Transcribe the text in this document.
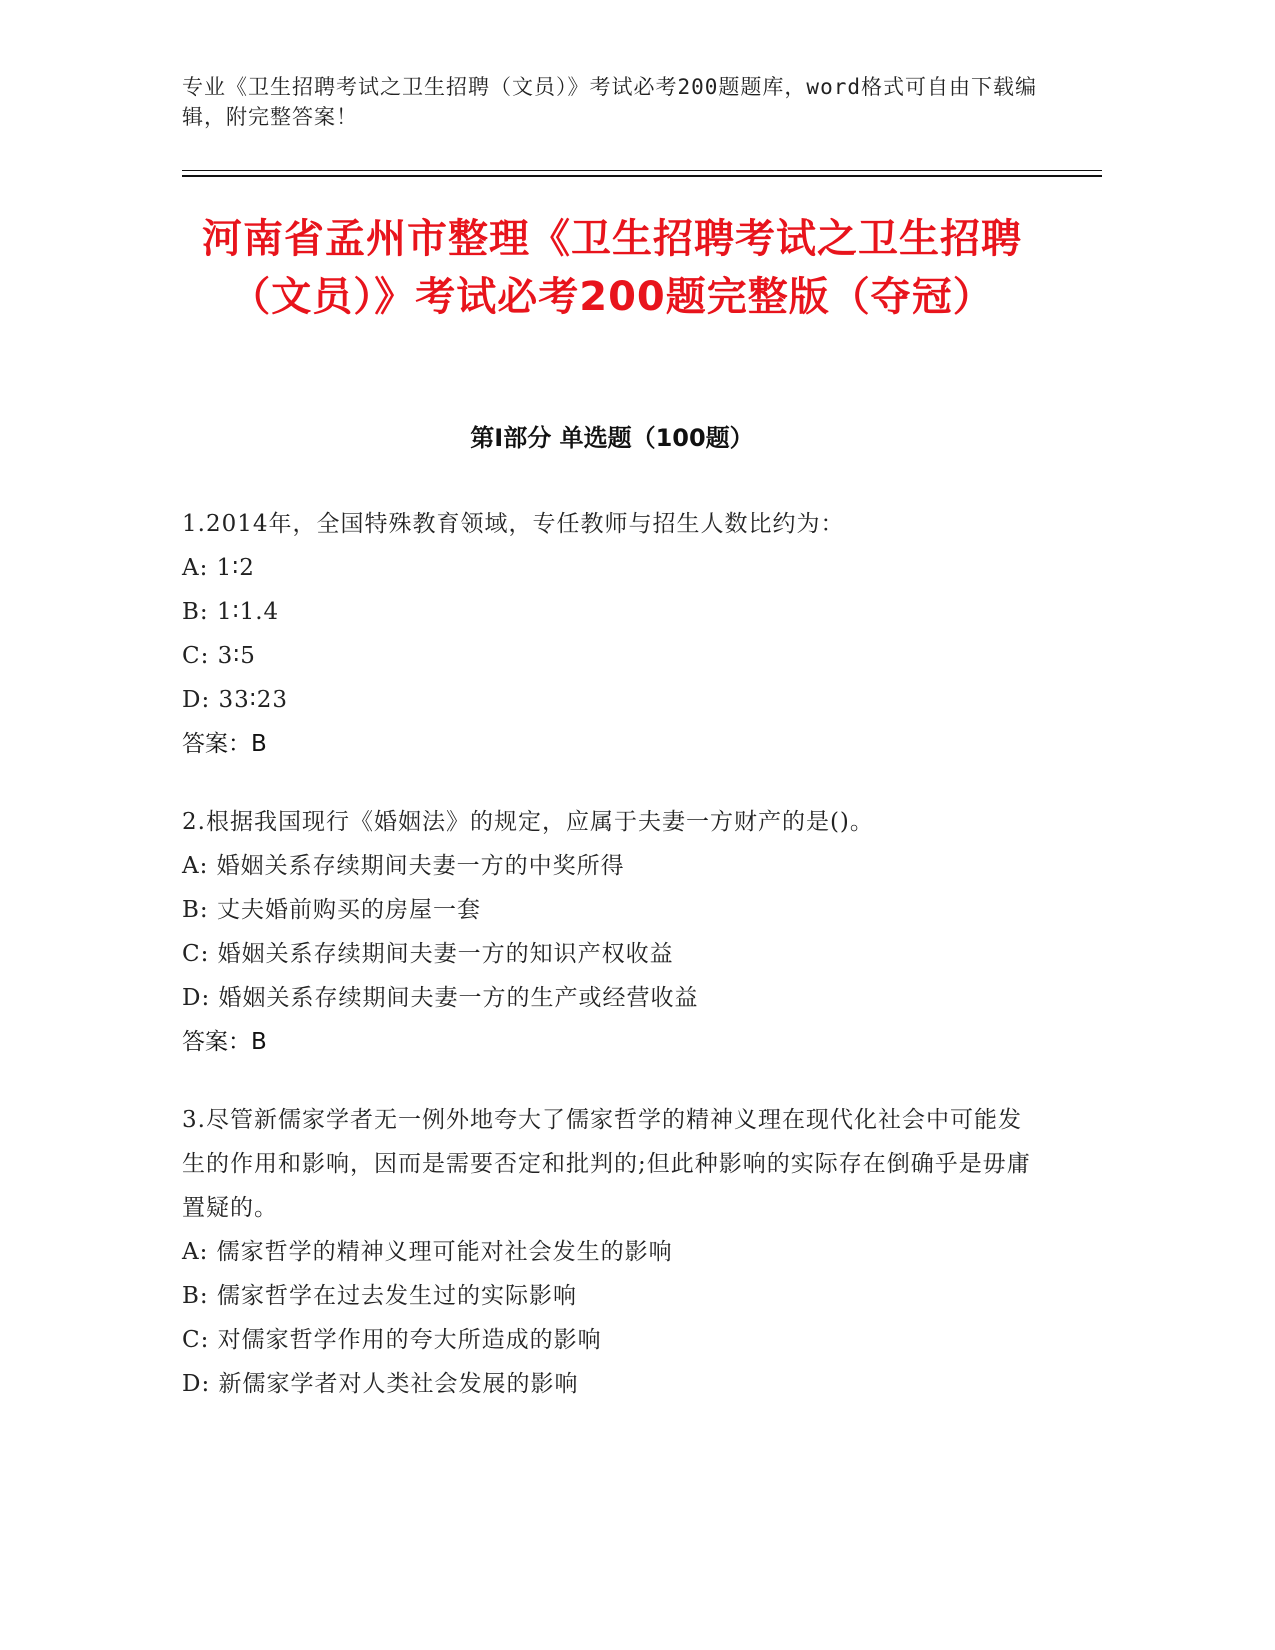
专业《卫生招聘考试之卫生招聘（文员）》考试必考200题题库，word格式可自由下载编辑，附完整答案！
河南省孟州市整理《卫生招聘考试之卫生招聘（文员）》考试必考200题完整版（夺冠）
第I部分 单选题（100题）
1.2014年，全国特殊教育领域，专任教师与招生人数比约为：
A: 1∶2
B: 1∶1.4
C: 3∶5
D: 33∶23
答案：B
2.根据我国现行《婚姻法》的规定，应属于夫妻一方财产的是()。
A: 婚姻关系存续期间夫妻一方的中奖所得
B: 丈夫婚前购买的房屋一套
C: 婚姻关系存续期间夫妻一方的知识产权收益
D: 婚姻关系存续期间夫妻一方的生产或经营收益
答案：B
3.尽管新儒家学者无一例外地夸大了儒家哲学的精神义理在现代化社会中可能发生的作用和影响，因而是需要否定和批判的;但此种影响的实际存在倒确乎是毋庸置疑的。
A: 儒家哲学的精神义理可能对社会发生的影响
B: 儒家哲学在过去发生过的实际影响
C: 对儒家哲学作用的夸大所造成的影响
D: 新儒家学者对人类社会发展的影响
